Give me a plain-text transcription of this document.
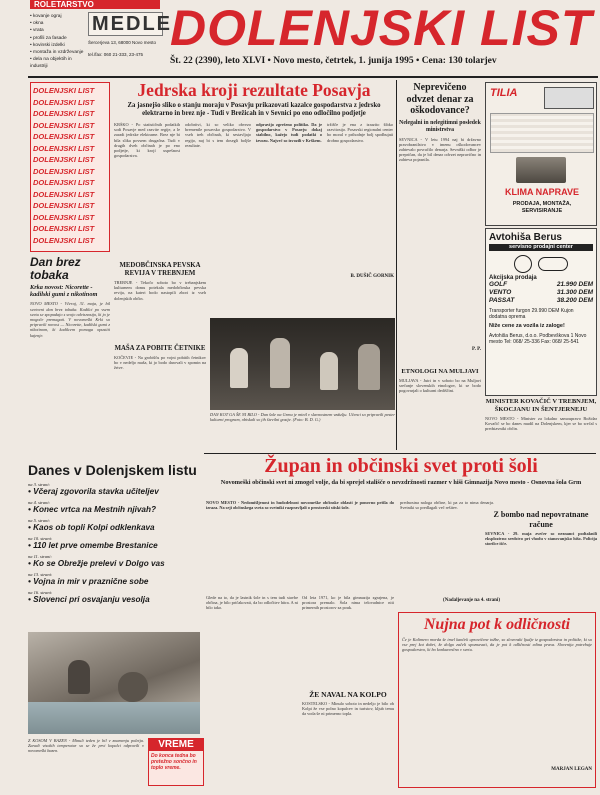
ROLETARSTVO
MEDLE
Šercerjeva 13, 68000 Novo mesto
tel./fax: 060 21-333, 23-475
• kovanje ograj
• okna
• vrata
• profili za fasade
• kovinski izdelki
• montaža in vzdrževanje
• dela na objektih in industriji
DOLENJSKI LIST
Št. 22 (2390), leto XLVI • Novo mesto, četrtek, 1. junija 1995 • Cena: 130 tolarjev
DOLENJSKI LIST
DOLENJSKI LIST
DOLENJSKI LIST
DOLENJSKI LIST
DOLENJSKI LIST
DOLENJSKI LIST
DOLENJSKI LIST
DOLENJSKI LIST
DOLENJSKI LIST
DOLENJSKI LIST
DOLENJSKI LIST
DOLENJSKI LIST
DOLENJSKI LIST
DOLENJSKI LIST
Dan brez tobaka
Krka novost: Nicorette - kadilski gumi z nikotinom
NOVO MESTO - Včeraj, 31. maja, je bil svetovni dan brez tobaka. Kadilci po vsem svetu se spopadajo s svojo odvisnostjo, ki jo je mogoče premagati. V novomeški Krki so pripravili novost — Nicorette, kadilski gumi z nikotinom, ki kadilcem pomaga opustiti kajenje.
Danes v Dolenjskem listu
na 3. strani:
• Včeraj zgovorila stavka učiteljev
na 4. strani:
• Konec vrtca na Mestnih njivah?
na 5. strani:
• Kaos ob topli Kolpi odklenkava
na 10. strani:
• 110 let prve omembe Brestanice
na 11. strani:
• Ko se Obrežje prelevi v Dolgo vas
na 13. strani:
• Vojna in mir v praznične sobe
na 16. strani:
• Slovenci pri osvajanju vesolja
Z KOSOM V BAZEN - Minuli teden je bil v znamenju poletja. Zaradi visokih temperatur so se že prvi kopalci odpravili v novomeški bazen.
VREME
Do konca tedna bo pretežno sončno in toplo vreme.
Jedrska kroji rezultate Posavja
Za jasnejšo sliko o stanju moraju v Posavju prikazovati kazalce gospodarstva z jedrsko elektrarno in brez nje - Tudi v Brežicah in v Sevnici po eno odločilno podjetje
KRŠKO - Po statističnih podatkih sodi Posavje med razvite regije, a le zaradi jedrske elektrarne. Brez nje bi bila slika povsem drugačna. Tudi v drugih dveh občinah je po eno podjetje, ki krojí uspešnost gospodarstva.
odobritvi, ki so veliko obvezo bremenile posavsko gospodarstvo. V vseh treh občinah, ki sestavljajo regijo, naj bi s tem dosegli boljše rezultate.
odpravijo zgrešeno politiko. Da je gospodarstvo v Posavju dokaj stabilno, kažejo tudi podatki o izvozu. Največ so izvozili v Krškem.
tržišče je ena z izrazito šibko razvitostjo. Posavski regionalni center bo moral v prihodnje bolj spodbujati drobno gospodarstvo.
B. DUŠIČ GORNIK
MEDOBČINSKA PEVSKA REVIJA V TREBNJEM
TREBNJE - Tekočo soboto bo v trebanjskem kulturnem domu potekala medobčinska pevska revija, na kateri bodo nastopili zbori iz vseh dolenjskih občin.
MAŠA ZA POBITE ČETNIKE
KOČEVJE - Na grobišču po vojni pobitih četnikov bo v nedeljo maša, ki jo bodo darovali v spomin na žrtve.
DAN KOT GA ŠE NI BILO - Dan šole na Grmu je minil v slavnostnem vzdušju. Učenci so pripravili pester kulturni program, obiskali so jih številni gostje. (Foto: B. D. G.)
Župan in občinski svet proti šoli
Novomeški občinski svet ni zmogel volje, da bi sprejel stališče o nevzdržnosti razmer v hiši Gimnazija Novo mesto - Osnovna šola Grm
NOVO MESTO - Nedomišljenost in hudodelnost novomeške občinske oblasti je ponovno prišla do izraza. Na seji občinskega sveta so svetniki razpravljali o prostorski stiski šole.
prednostna naloga občine, ki pa za to nima denarja. Svetniki so predlagali več rešitev.
(Nadaljevanje na 4. strani)
Glede na to, da je lastnik šole in s tem tudi stavbe občina, je bilo pričakovati, da bo odločitev hitra. A ni bilo tako.
Od leta 1971, ko je bila gimnazija zgrajena, je prostora premalo. Šola nima telovadnice niti primernih prostorov za pouk.
ŽE NAVAL NA KOLPO
KOSTELSKO - Minulo soboto in nedeljo je bilo ob Kolpi že vse polno kopalcev in turistov, kljub temu da voda še ni primerno topla.
Nujna pot k odličnosti
Če je Kalimero morda še imel kanček upravičene tožbe, so slovenski ljudje iz gospodarstva in politike, ki so vse prej kot dobri, že dolgo začeli spoznavati, da je pot k odličnosti edina prava. Slovenija potrebuje gospodarstvo, ki bo konkurenčno v svetu.
MARJAN LEGAN
Neprevičeno odvzet denar za oškodovance?
Nelegalni in nelegitimni posledek ministrstva
SEVNICA - V letu 1994 naj bi državno pravobranilstvo v imenu oškodovancev zahtevalo povračilo denarja. Sevniški odbor je prepričan, da je bil denar odvzet nepravično in zahteva pojasnila.
P. P.
ETNOLOGI NA MULJAVI
MULJAVA - Jutri in v soboto bo na Muljavi srečanje slovenskih etnologov, ki se bodo pogovarjali o kulturni dediščini.
TILIA
KLIMA NAPRAVE
PRODAJA, MONTAŽA,
SERVISIRANJE
Avtohiša Berus
servisno prodajni center
Akcijska prodaja
GOLF	21.990 DEM
VENTO	31.300 DEM
PASSAT	38.200 DEM
Transporter furgon 29.990 DEM Kujon dodatna oprema
Niže cene za vozila iz zaloge!
Avtohiša Berus, d.o.o. Podbevškova 1 Novo mesto Tel: 068/ 25-336 Fax: 068/ 25-541
MINISTER KOVAČIČ V TREBNJEM, ŠKOCJANU IN ŠENTJERNEJU
NOVO MESTO - Minister za lokalno samoupravo Božidar Kovačič se bo danes mudil na Dolenjskem, kjer se bo srečal s predstavniki občin.
Z bombo nad nepovratnane račune
SEVNICA - 29. maja zvečer so neznanci podtaknili eksplozivno sredstvo pri vhodu v stanovanjsko hišo. Policija storilce išče.
